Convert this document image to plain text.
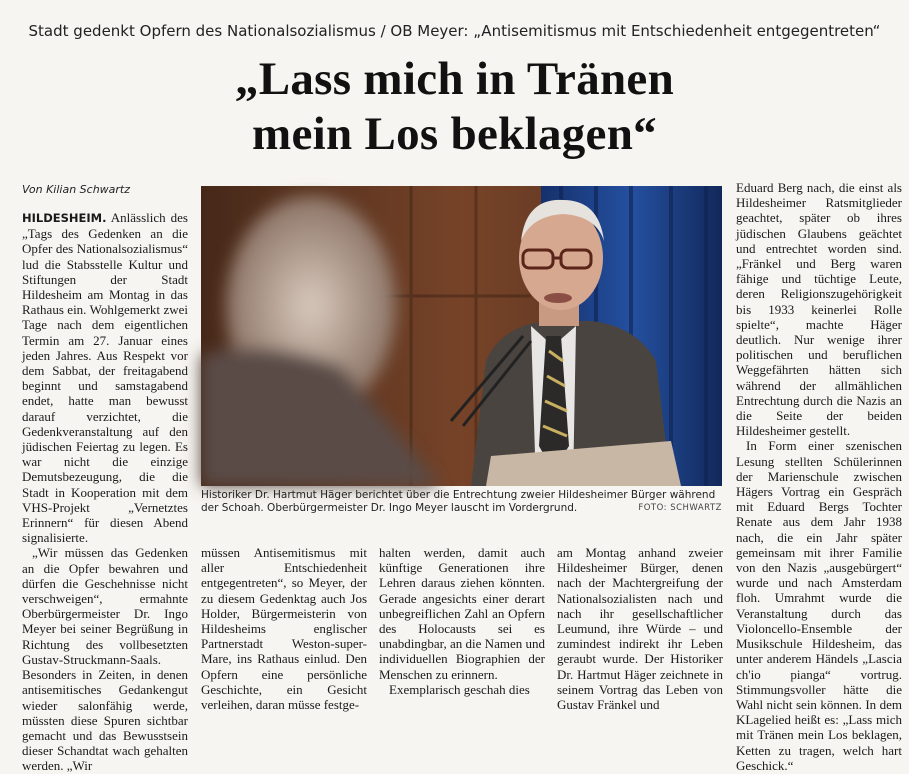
Stadt gedenkt Opfern des Nationalsozialismus / OB Meyer: „Antisemitismus mit Entschiedenheit entgegentreten“
„Lass mich in Tränen
mein Los beklagen“
Von Kilian Schwartz

HILDESHEIM. Anlässlich des „Tags des Gedenken an die Opfer des Nationalsozialismus“ lud die Stabsstelle Kultur und Stiftungen der Stadt Hildesheim am Montag in das Rathaus ein. Wohlgemerkt zwei Tage nach dem eigentlichen Termin am 27. Januar eines jeden Jahres. Aus Respekt vor dem Sabbat, der freitagabend beginnt und samstagabend endet, hatte man bewusst darauf verzichtet, die Gedenkveranstaltung auf den jüdischen Feiertag zu legen. Es war nicht die einzige Demutsbezeugung, die die Stadt in Kooperation mit dem VHS-Projekt „Vernetztes Erinnern“ für diesen Abend signalisierte.

„Wir müssen das Gedenken an die Opfer bewahren und dürfen die Geschehnisse nicht verschweigen“, ermahnte Oberbürgermeister Dr. Ingo Meyer bei seiner Begrüßung in Richtung des vollbesetzten Gustav-Struckmann-Saals. Besonders in Zeiten, in denen antisemitisches Gedankengut wieder salonfähig werde, müssten diese Spuren sichtbar gemacht und das Bewusstsein dieser Schandtat wach gehalten werden. „Wir

Historiker Dr. Hartmut Häger berichtet über die Entrechtung zweier Hildesheimer Bürger während der Schoah. Oberbürgermeister Dr. Ingo Meyer lauscht im Vordergrund.	FOTO: SCHWARTZ

müssen Antisemitismus mit aller Entschiedenheit entgegentreten“, so Meyer, der zu diesem Gedenktag auch Jos Holder, Bürgermeisterin von Hildesheims englischer Partnerstadt Weston-super-Mare, ins Rathaus einlud. Den Opfern eine persönliche Geschichte, ein Gesicht verleihen, daran müsse festge-

halten werden, damit auch künftige Generationen ihre Lehren daraus ziehen könnten. Gerade angesichts einer derart unbegreiflichen Zahl an Opfern des Holocausts sei es unabdingbar, an die Namen und individuellen Biographien der Menschen zu erinnern.

Exemplarisch geschah dies

am Montag anhand zweier Hildesheimer Bürger, denen nach der Machtergreifung der Nationalsozialisten nach und nach ihr gesellschaftlicher Leumund, ihre Würde – und zumindest indirekt ihr Leben geraubt wurde. Der Historiker Dr. Hartmut Häger zeichnete in seinem Vortrag das Leben von Gustav Fränkel und

Eduard Berg nach, die einst als Hildesheimer Ratsmitglieder geachtet, später ob ihres jüdischen Glaubens geächtet und entrechtet worden sind. „Fränkel und Berg waren fähige und tüchtige Leute, deren Religionszugehörigkeit bis 1933 keinerlei Rolle spielte“, machte Häger deutlich. Nur wenige ihrer politischen und beruflichen Weggefährten hätten sich während der allmählichen Entrechtung durch die Nazis an die Seite der beiden Hildesheimer gestellt.

In Form einer szenischen Lesung stellten Schülerinnen der Marienschule zwischen Hägers Vortrag ein Gespräch mit Eduard Bergs Tochter Renate aus dem Jahr 1938 nach, die ein Jahr später gemeinsam mit ihrer Familie von den Nazis „ausgebürgert“ wurde und nach Amsterdam floh. Umrahmt wurde die Veranstaltung durch das Violoncello-Ensemble der Musikschule Hildesheim, das unter anderem Händels „Lascia ch'io pianga“ vortrug. Stimmungsvoller hätte die Wahl nicht sein können. In dem KLagelied heißt es: „Lass mich mit Tränen mein Los beklagen, Ketten zu tragen, welch hart Geschick.“
